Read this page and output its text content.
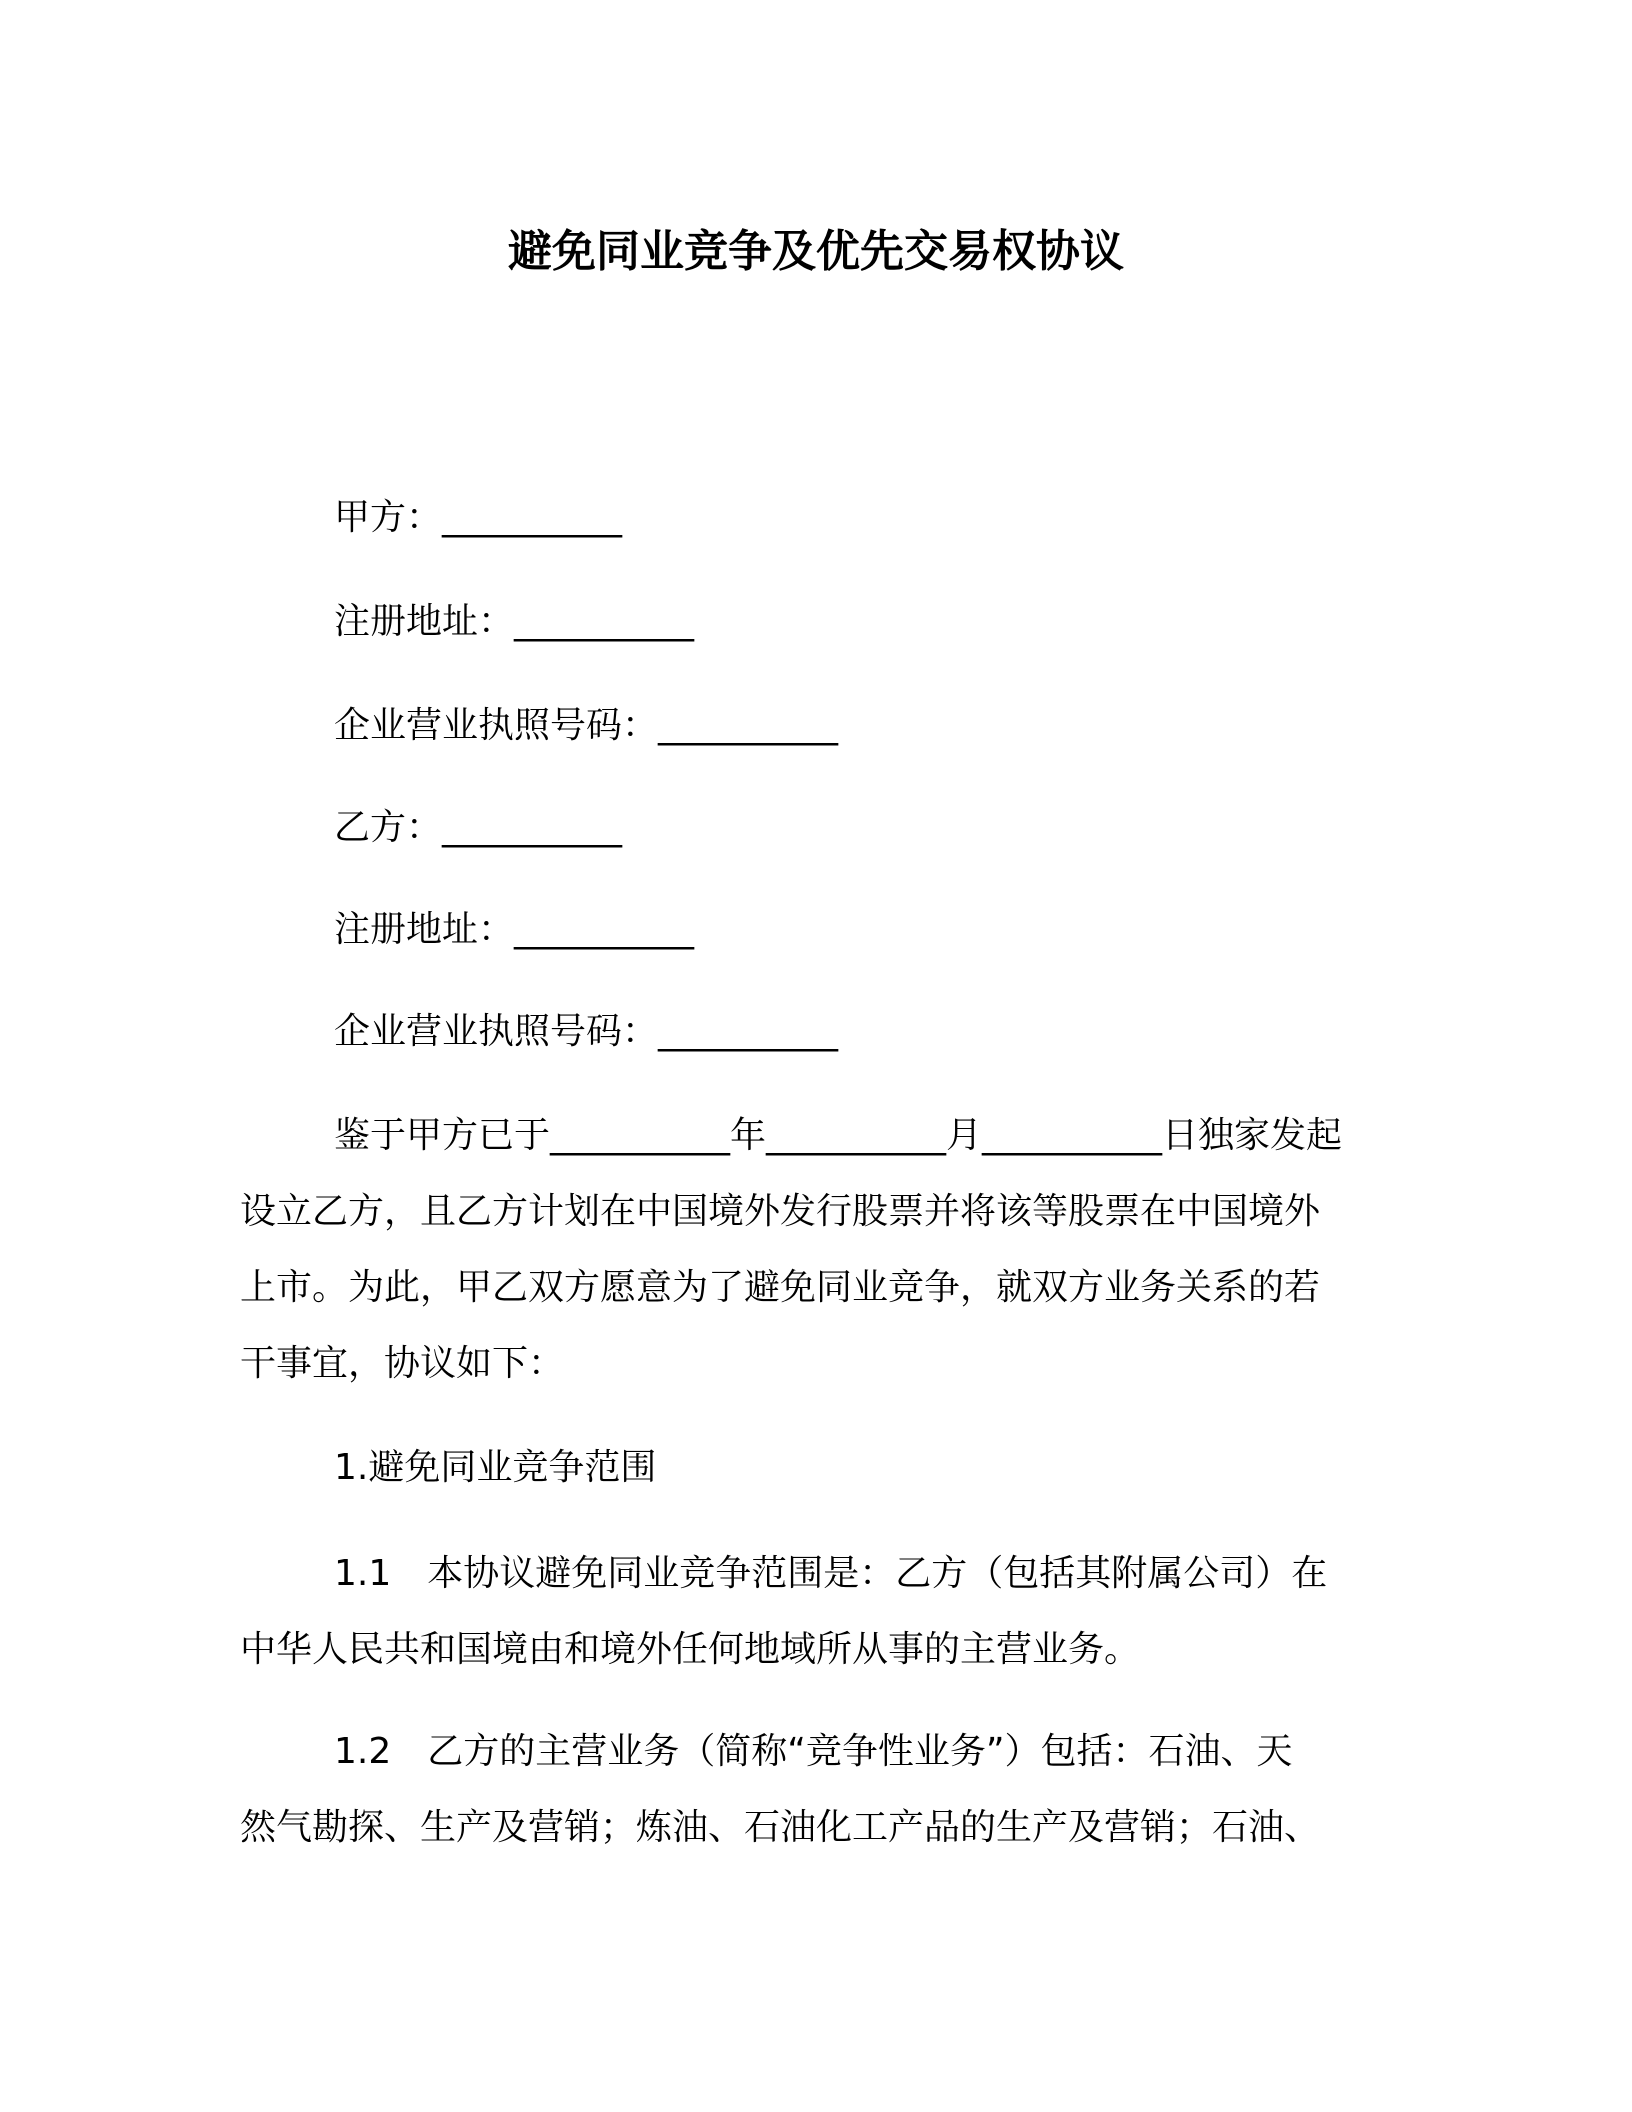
避免同业竞争及优先交易权协议
甲方：__________
注册地址：__________
企业营业执照号码：__________
乙方：__________
注册地址：__________
企业营业执照号码：__________
鉴于甲方已于__________年__________月__________日独家发起
设立乙方，且乙方计划在中国境外发行股票并将该等股票在中国境外
上市。为此，甲乙双方愿意为了避免同业竞争，就双方业务关系的若
干事宜，协议如下：
1.避免同业竞争范围
1.1　本协议避免同业竞争范围是：乙方（包括其附属公司）在
中华人民共和国境由和境外任何地域所从事的主营业务。
1.2　乙方的主营业务（简称“竞争性业务”）包括：石油、天
然气勘探、生产及营销；炼油、石油化工产品的生产及营销；石油、
